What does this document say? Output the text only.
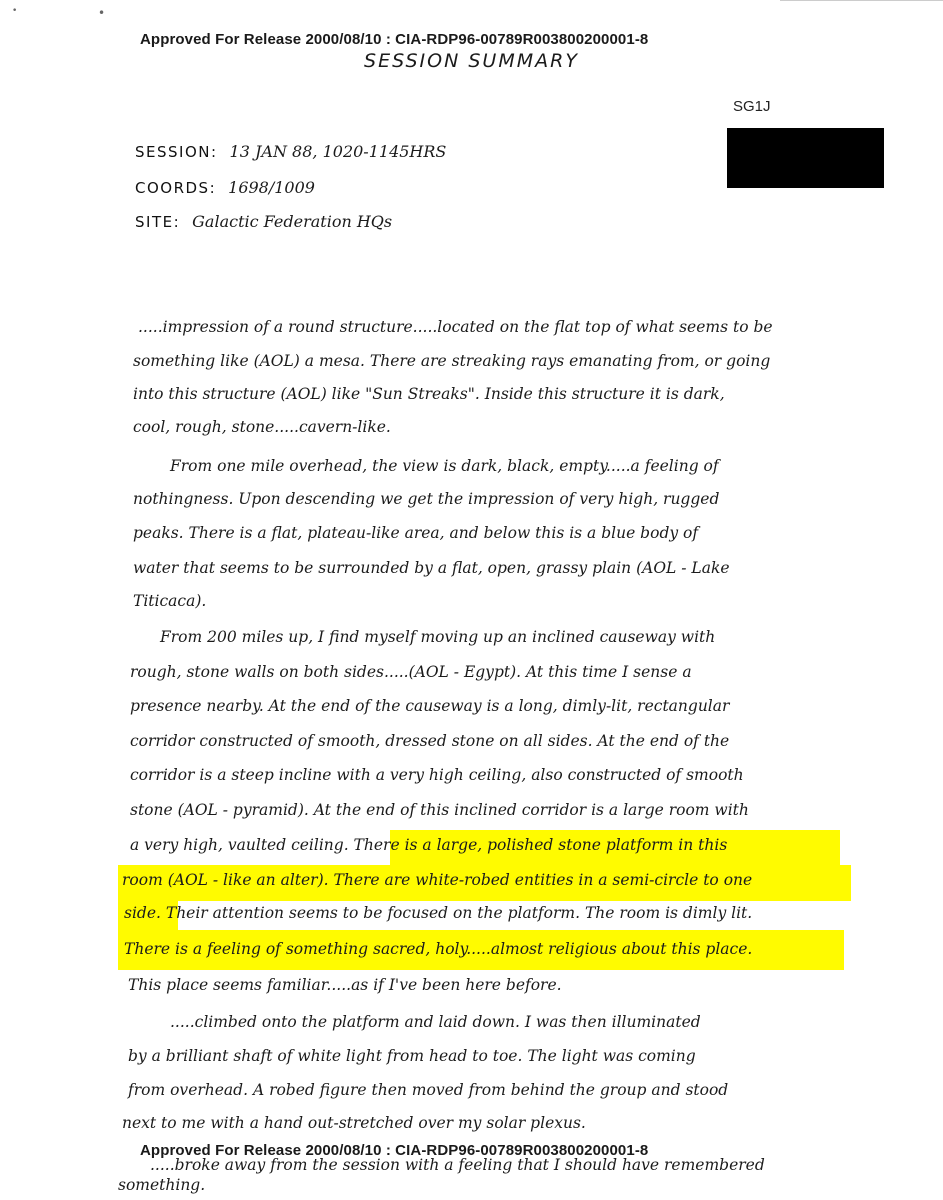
•
•
Approved For Release 2000/08/10 : CIA-RDP96-00789R003800200001-8
SESSION SUMMARY
SG1J
SESSION: 13 JAN 88, 1020-1145HRS
COORDS: 1698/1009
SITE: Galactic Federation HQs
.....impression of a round structure.....located on the flat top of what seems to be
something like (AOL) a mesa. There are streaking rays emanating from, or going
into this structure (AOL) like "Sun Streaks". Inside this structure it is dark,
cool, rough, stone.....cavern-like.
From one mile overhead, the view is dark, black, empty.....a feeling of
nothingness. Upon descending we get the impression of very high, rugged
peaks. There is a flat, plateau-like area, and below this is a blue body of
water that seems to be surrounded by a flat, open, grassy plain (AOL - Lake
Titicaca).
From 200 miles up, I find myself moving up an inclined causeway with
rough, stone walls on both sides.....(AOL - Egypt). At this time I sense a
presence nearby. At the end of the causeway is a long, dimly-lit, rectangular
corridor constructed of smooth, dressed stone on all sides. At the end of the
corridor is a steep incline with a very high ceiling, also constructed of smooth
stone (AOL - pyramid). At the end of this inclined corridor is a large room with
a very high, vaulted ceiling. There is a large, polished stone platform in this
room (AOL - like an alter). There are white-robed entities in a semi-circle to one
side. Their attention seems to be focused on the platform. The room is dimly lit.
There is a feeling of something sacred, holy.....almost religious about this place.
This place seems familiar.....as if I've been here before.
.....climbed onto the platform and laid down. I was then illuminated
by a brilliant shaft of white light from head to toe. The light was coming
from overhead. A robed figure then moved from behind the group and stood
next to me with a hand out-stretched over my solar plexus.
.....broke away from the session with a feeling that I should have remembered
something.
Approved For Release 2000/08/10 : CIA-RDP96-00789R003800200001-8
